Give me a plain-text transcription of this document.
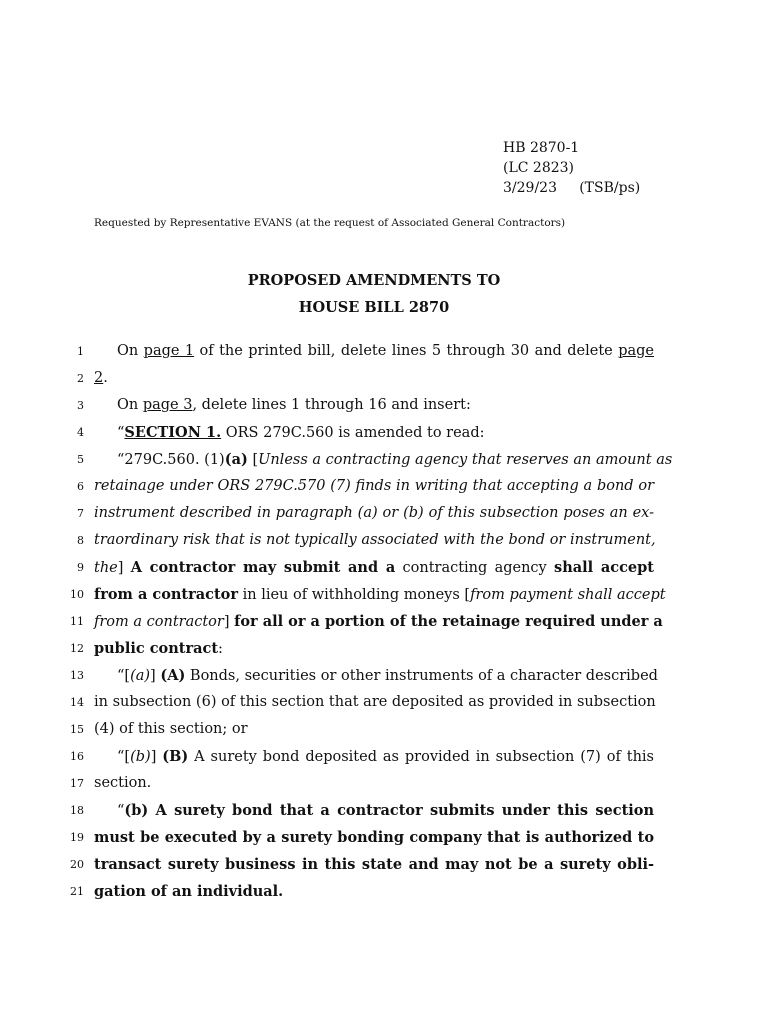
HB 2870-1
(LC 2823)
3/29/23     (TSB/ps)
Requested by Representative EVANS (at the request of Associated General Contractors)
PROPOSED AMENDMENTS TO
HOUSE BILL 2870
1	On page 1 of the printed bill, delete lines 5 through 30 and delete page
2 2.
3	On page 3, delete lines 1 through 16 and insert:
4	“SECTION 1. ORS 279C.560 is amended to read:
5	“279C.560. (1)(a) [Unless a contracting agency that reserves an amount as
6 retainage under ORS 279C.570 (7) finds in writing that accepting a bond or
7 instrument described in paragraph (a) or (b) of this subsection poses an ex-
8 traordinary risk that is not typically associated with the bond or instrument,
9 the] A contractor may submit and a contracting agency shall accept
10 from a contractor in lieu of withholding moneys [from payment shall accept
11 from a contractor] for all or a portion of the retainage required under a
12 public contract:
13	“[(a)] (A) Bonds, securities or other instruments of a character described
14 in subsection (6) of this section that are deposited as provided in subsection
15 (4) of this section; or
16	“[(b)] (B) A surety bond deposited as provided in subsection (7) of this
17 section.
18	“(b) A surety bond that a contractor submits under this section
19 must be executed by a surety bonding company that is authorized to
20 transact surety business in this state and may not be a surety obli-
21 gation of an individual.
